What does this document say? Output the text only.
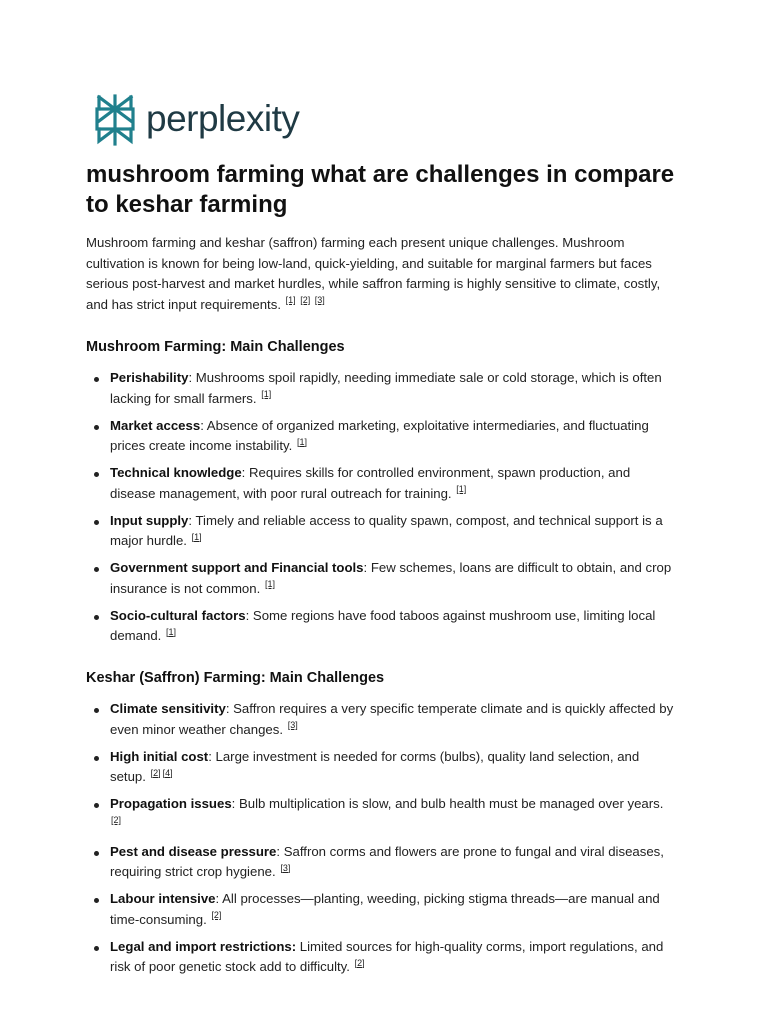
perplexity
mushroom farming what are challenges in compare to keshar farming

Mushroom farming and keshar (saffron) farming each present unique challenges. Mushroom cultivation is known for being low-land, quick-yielding, and suitable for marginal farmers but faces serious post-harvest and market hurdles, while saffron farming is highly sensitive to climate, costly, and has strict input requirements. [1] [2] [3]

Mushroom Farming: Main Challenges
Perishability: Mushrooms spoil rapidly, needing immediate sale or cold storage, which is often lacking for small farmers. [1]
Market access: Absence of organized marketing, exploitative intermediaries, and fluctuating prices create income instability. [1]
Technical knowledge: Requires skills for controlled environment, spawn production, and disease management, with poor rural outreach for training. [1]
Input supply: Timely and reliable access to quality spawn, compost, and technical support is a major hurdle. [1]
Government support and Financial tools: Few schemes, loans are difficult to obtain, and crop insurance is not common. [1]
Socio-cultural factors: Some regions have food taboos against mushroom use, limiting local demand. [1]
Keshar (Saffron) Farming: Main Challenges
Climate sensitivity: Saffron requires a very specific temperate climate and is quickly affected by even minor weather changes. [3]
High initial cost: Large investment is needed for corms (bulbs), quality land selection, and setup. [2] [4]
Propagation issues: Bulb multiplication is slow, and bulb health must be managed over years. [2]
Pest and disease pressure: Saffron corms and flowers are prone to fungal and viral diseases, requiring strict crop hygiene. [3]
Labour intensive: All processes—planting, weeding, picking stigma threads—are manual and time-consuming. [2]
Legal and import restrictions: Limited sources for high-quality corms, import regulations, and risk of poor genetic stock add to difficulty. [2]
